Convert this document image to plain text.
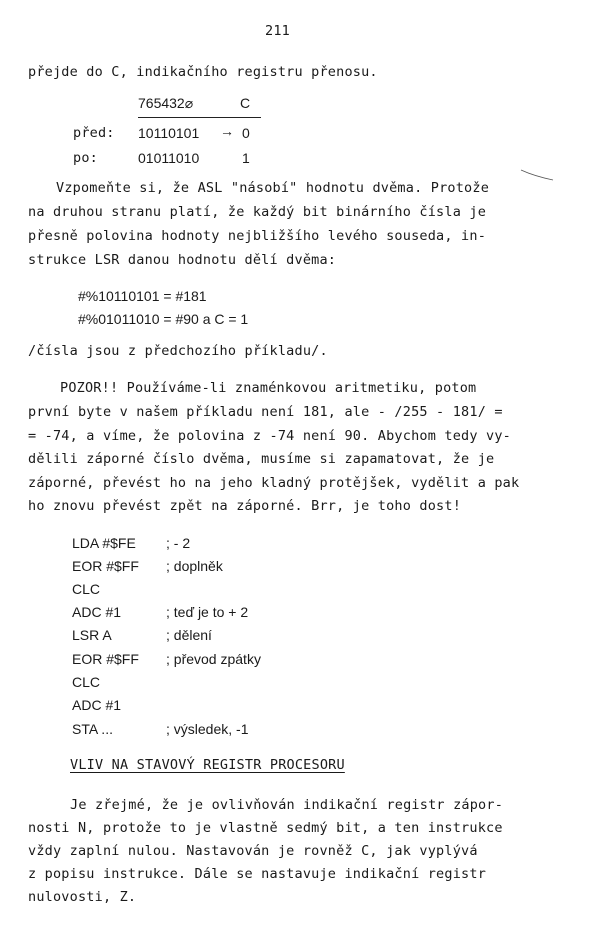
211
přejde do C, indikačního registru přenosu.
765432⌀	C
před: 10110101 → 0
po:	01011010	1
Vzpomeňte si, že ASL "násobí" hodnotu dvěma. Protože
na druhou stranu platí, že každý bit binárního čísla je
přesně polovina hodnoty nejbližšího levého souseda, in-
strukce LSR danou hodnotu dělí dvěma:
#%10110101 = #181
#%01011010 = #90 a C = 1
/čísla jsou z předchozího příkladu/.
POZOR!! Používáme-li znaménkovou aritmetiku, potom
první byte v našem příkladu není 181, ale - /255 - 181/ =
= -74, a víme, že polovina z -74 není 90. Abychom tedy vy-
dělili záporné číslo dvěma, musíme si zapamatovat, že je
záporné, převést ho na jeho kladný protějšek, vydělit a pak
ho znovu převést zpět na záporné. Brr, je toho dost!
LDA #$FE ; - 2
EOR #$FF ; doplněk
CLC
ADC #1	; teď je to + 2
LSR A	; dělení
EOR #$FF ; převod zpátky
CLC
ADC #1
STA ...	; výsledek, -1
VLIV NA STAVOVÝ REGISTR PROCESORU
Je zřejmé, že je ovlivňován indikační registr zápor-
nosti N, protože to je vlastně sedmý bit, a ten instrukce
vždy zaplní nulou. Nastavován je rovněž C, jak vyplývá
z popisu instrukce. Dále se nastavuje indikační registr
nulovosti, Z.
